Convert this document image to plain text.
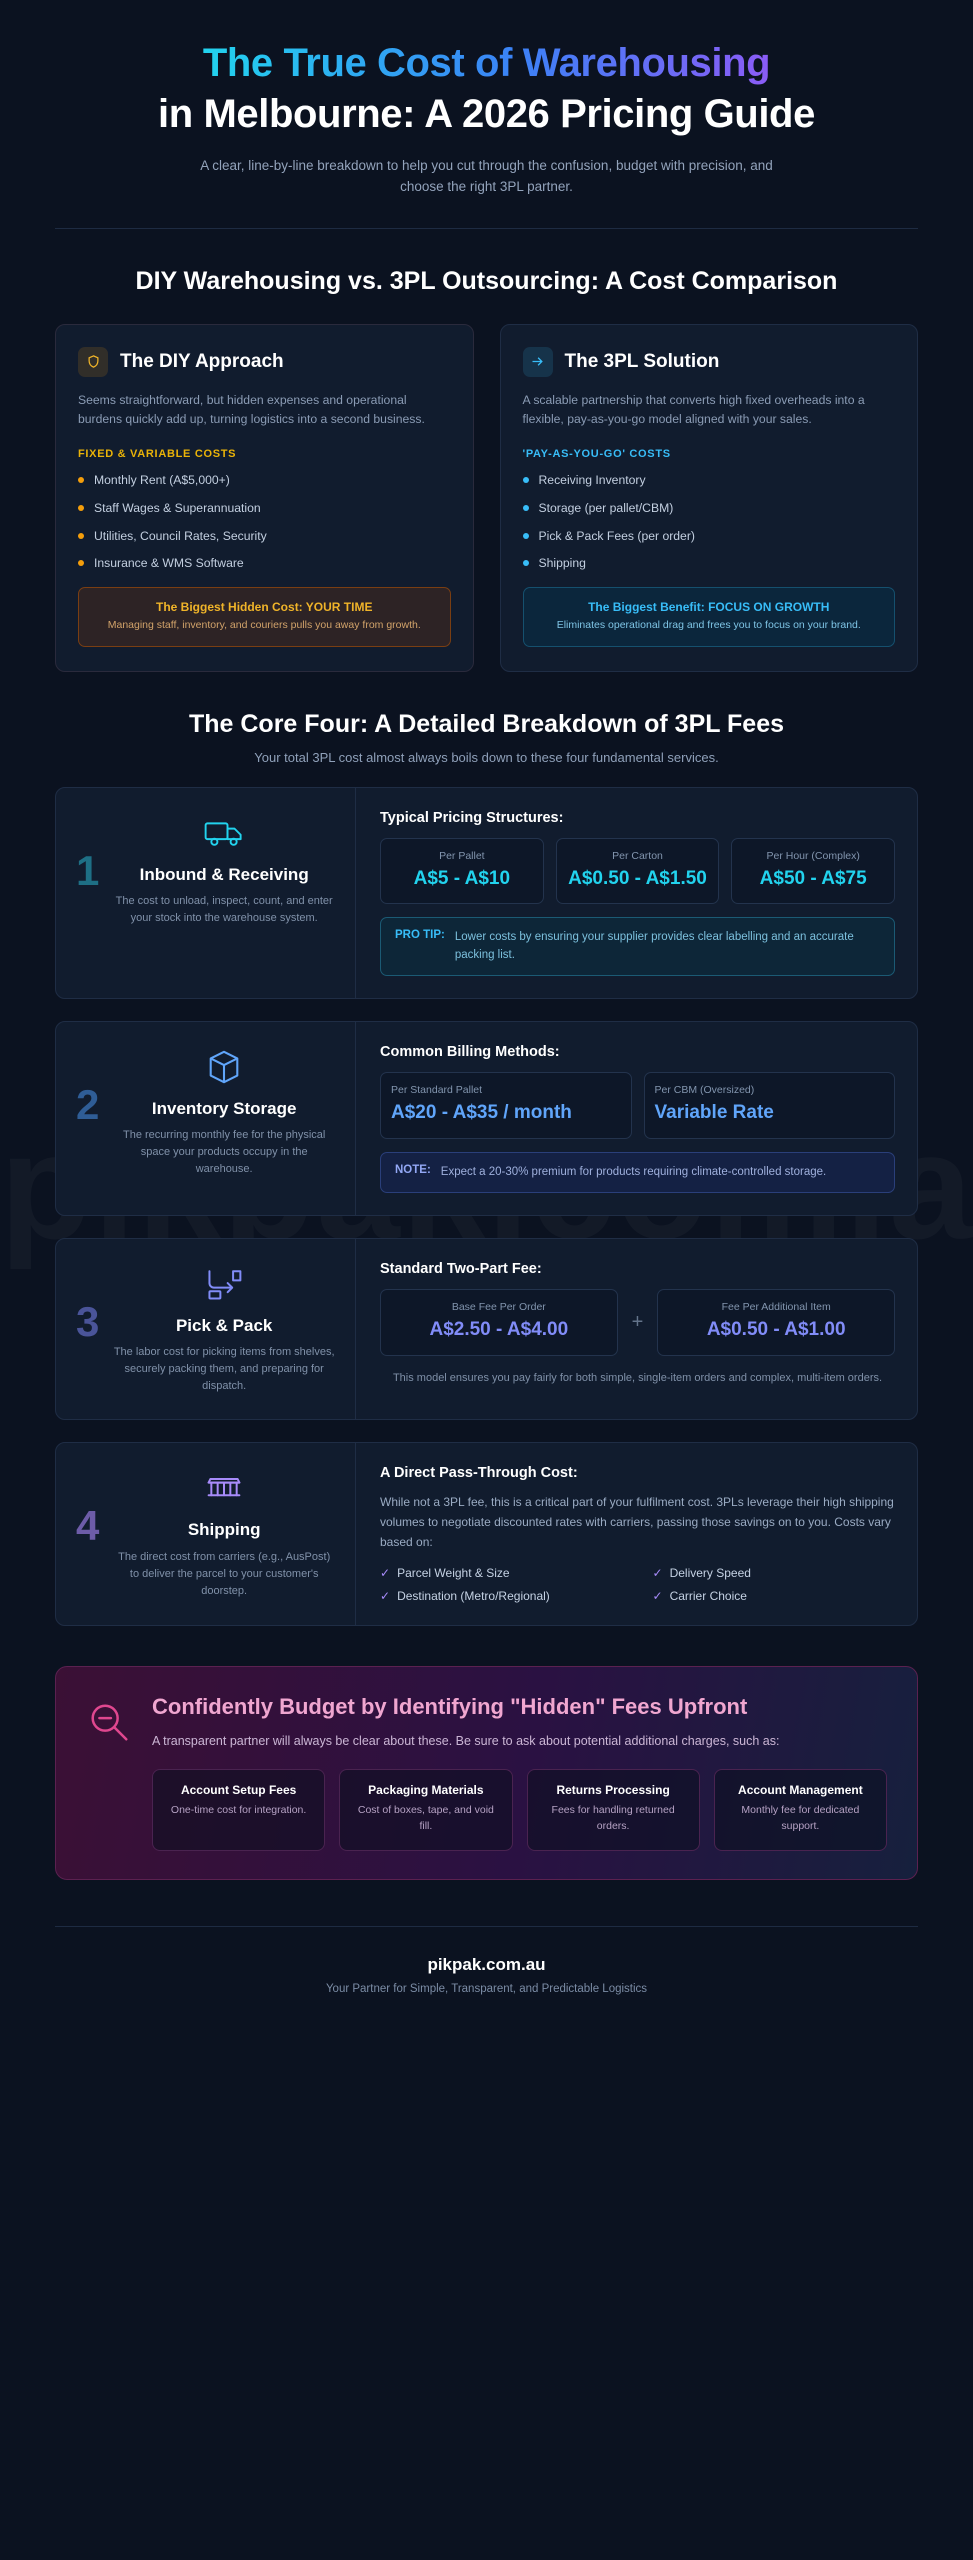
The True Cost of Warehousing
in Melbourne: A 2026 Pricing Guide

A clear, line-by-line breakdown to help you cut through the confusion, budget with precision, and choose the right 3PL partner.

DIY Warehousing vs. 3PL Outsourcing: A Cost Comparison
The DIY Approach

Seems straightforward, but hidden expenses and operational burdens quickly add up, turning logistics into a second business.

FIXED & VARIABLE COSTS
Monthly Rent (A$5,000+)
Staff Wages & Superannuation
Utilities, Council Rates, Security
Insurance & WMS Software
The Biggest Hidden Cost: YOUR TIME
Managing staff, inventory, and couriers pulls you away from growth.
The 3PL Solution

A scalable partnership that converts high fixed overheads into a flexible, pay-as-you-go model aligned with your sales.

'PAY-AS-YOU-GO' COSTS
Receiving Inventory
Storage (per pallet/CBM)
Pick & Pack Fees (per order)
Shipping
The Biggest Benefit: FOCUS ON GROWTH
Eliminates operational drag and frees you to focus on your brand.
The Core Four: A Detailed Breakdown of 3PL Fees

Your total 3PL cost almost always boils down to these four fundamental services.

1	Inbound & Receiving

The cost to unload, inspect, count, and enter your stock into the warehouse system.

Typical Pricing Structures:
Per Pallet
A$5 - A$10
Per Carton
A$0.50 - A$1.50
Per Hour (Complex)
A$50 - A$75
PRO TIP: Lower costs by ensuring your supplier provides clear labelling and an accurate packing list.
2	Inventory Storage

The recurring monthly fee for the physical space your products occupy in the warehouse.

Common Billing Methods:
Per Standard Pallet
A$20 - A$35 / month
Per CBM (Oversized)
Variable Rate
NOTE: Expect a 20-30% premium for products requiring climate-controlled storage.
3	Pick & Pack

The labor cost for picking items from shelves, securely packing them, and preparing for dispatch.

Standard Two-Part Fee:
Base Fee Per Order
A$2.50 - A$4.00	+
Fee Per Additional Item
A$0.50 - A$1.00
This model ensures you pay fairly for both simple, single-item orders and complex, multi-item orders.
4	Shipping

The direct cost from carriers (e.g., AusPost) to deliver the parcel to your customer's doorstep.

A Direct Pass-Through Cost:

While not a 3PL fee, this is a critical part of your fulfilment cost. 3PLs leverage their high shipping volumes to negotiate discounted rates with carriers, passing those savings on to you. Costs vary based on:

✓ Parcel Weight & Size	✓ Delivery Speed
✓ Destination (Metro/Regional)	✓ Carrier Choice
Confidently Budget by Identifying "Hidden" Fees Upfront

A transparent partner will always be clear about these. Be sure to ask about potential additional charges, such as:

Account Setup Fees
One-time cost for integration.
Packaging Materials
Cost of boxes, tape, and void fill.
Returns Processing
Fees for handling returned orders.
Account Management
Monthly fee for dedicated support.
pikpak.com.au
Your Partner for Simple, Transparent, and Predictable Logistics
